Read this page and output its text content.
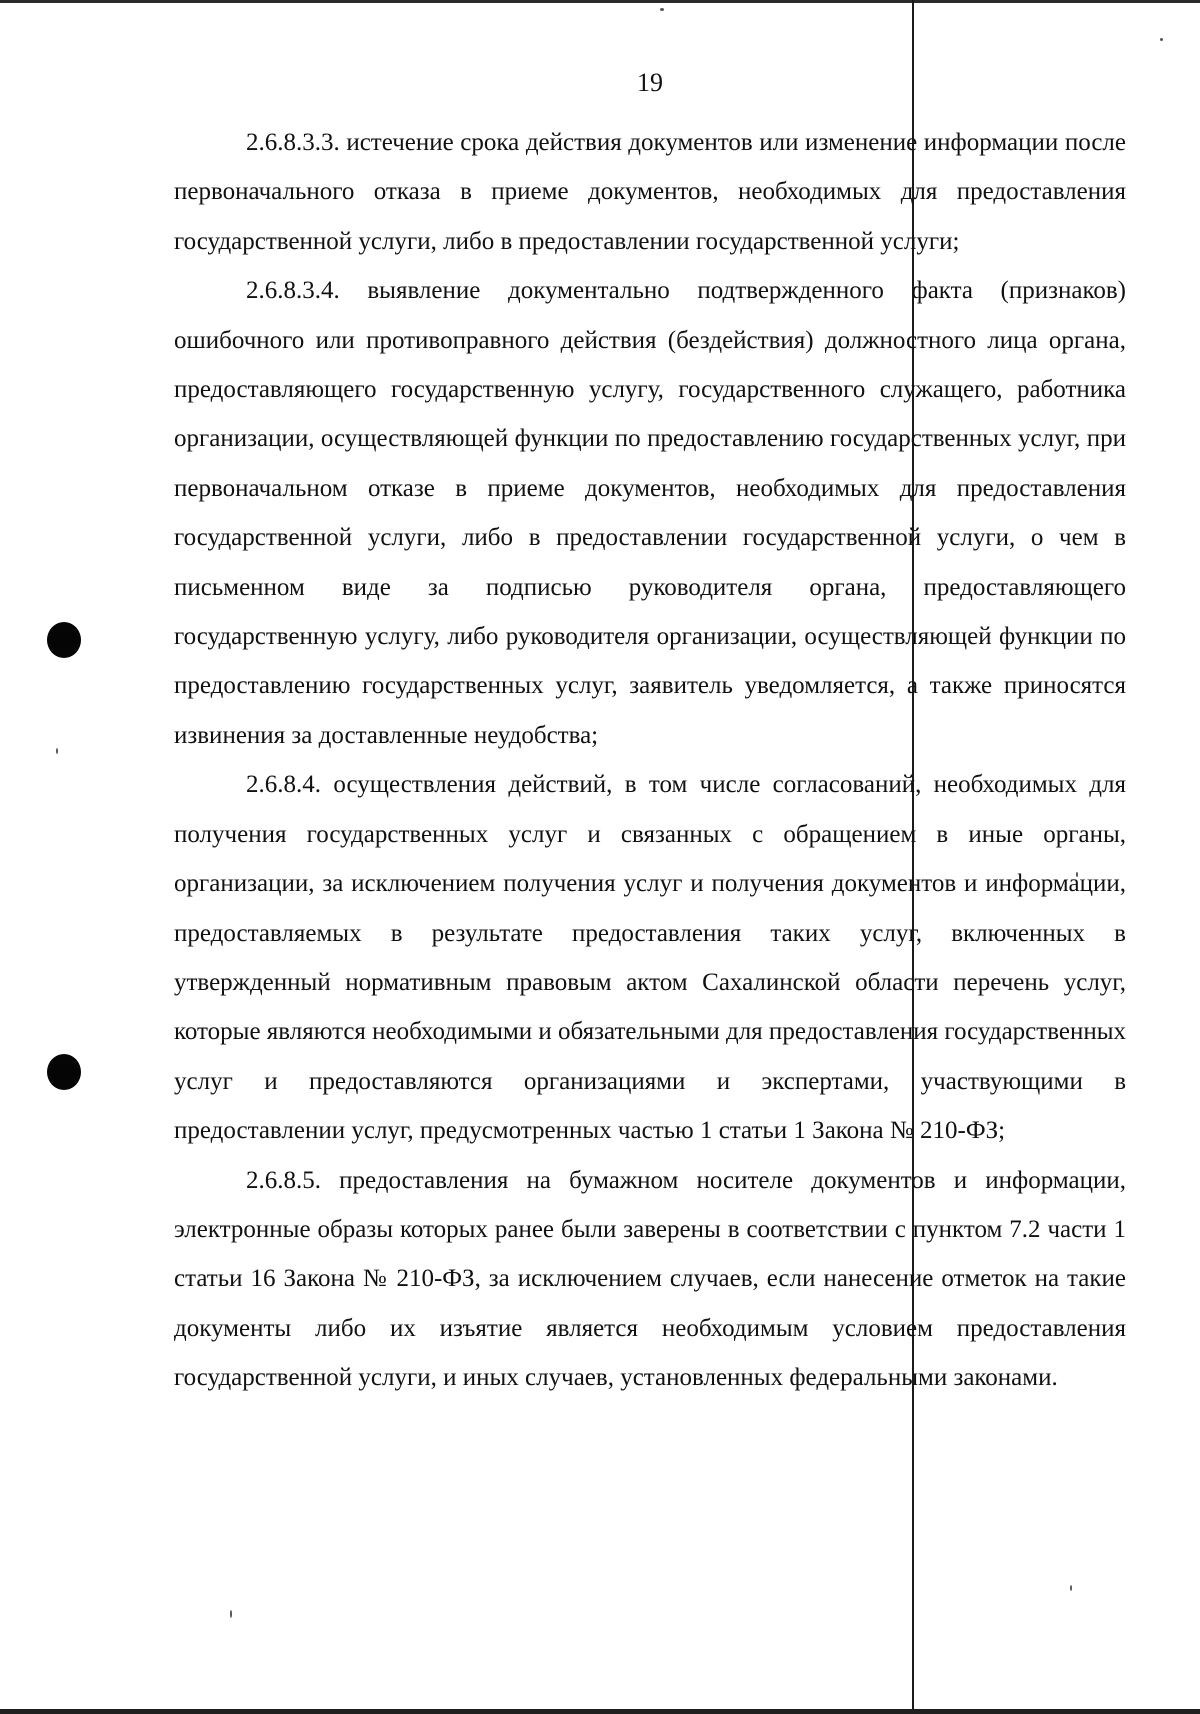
19

2.6.8.3.3. истечение срока действия документов или изменение информации после первоначального отказа в приеме документов, необходимых для предоставления государственной услуги, либо в предоставлении государственной услуги;

2.6.8.3.4. выявление документально подтвержденного факта (признаков) ошибочного или противоправного действия (бездействия) должностного лица органа, предоставляющего государственную услугу, государственного служащего, работника организации, осуществляющей функции по предоставлению государственных услуг, при первоначальном отказе в приеме документов, необходимых для предоставления государственной услуги, либо в предоставлении государственной услуги, о чем в письменном виде за подписью руководителя органа, предоставляющего государственную услугу, либо руководителя организации, осуществляющей функции по предоставлению государственных услуг, заявитель уведомляется, а также приносятся извинения за доставленные неудобства;

2.6.8.4. осуществления действий, в том числе согласований, необходимых для получения государственных услуг и связанных с обращением в иные органы, организации, за исключением получения услуг и получения документов и информации, предоставляемых в результате предоставления таких услуг, включенных в утвержденный нормативным правовым актом Сахалинской области перечень услуг, которые являются необходимыми и обязательными для предоставления государственных услуг и предоставляются организациями и экспертами, участвующими в предоставлении услуг, предусмотренных частью 1 статьи 1 Закона № 210-ФЗ;

2.6.8.5. предоставления на бумажном носителе документов и информации, электронные образы которых ранее были заверены в соответствии с пунктом 7.2 части 1 статьи 16 Закона № 210-ФЗ, за исключением случаев, если нанесение отметок на такие документы либо их изъятие является необходимым условием предоставления государственной услуги, и иных случаев, установленных федеральными законами.
